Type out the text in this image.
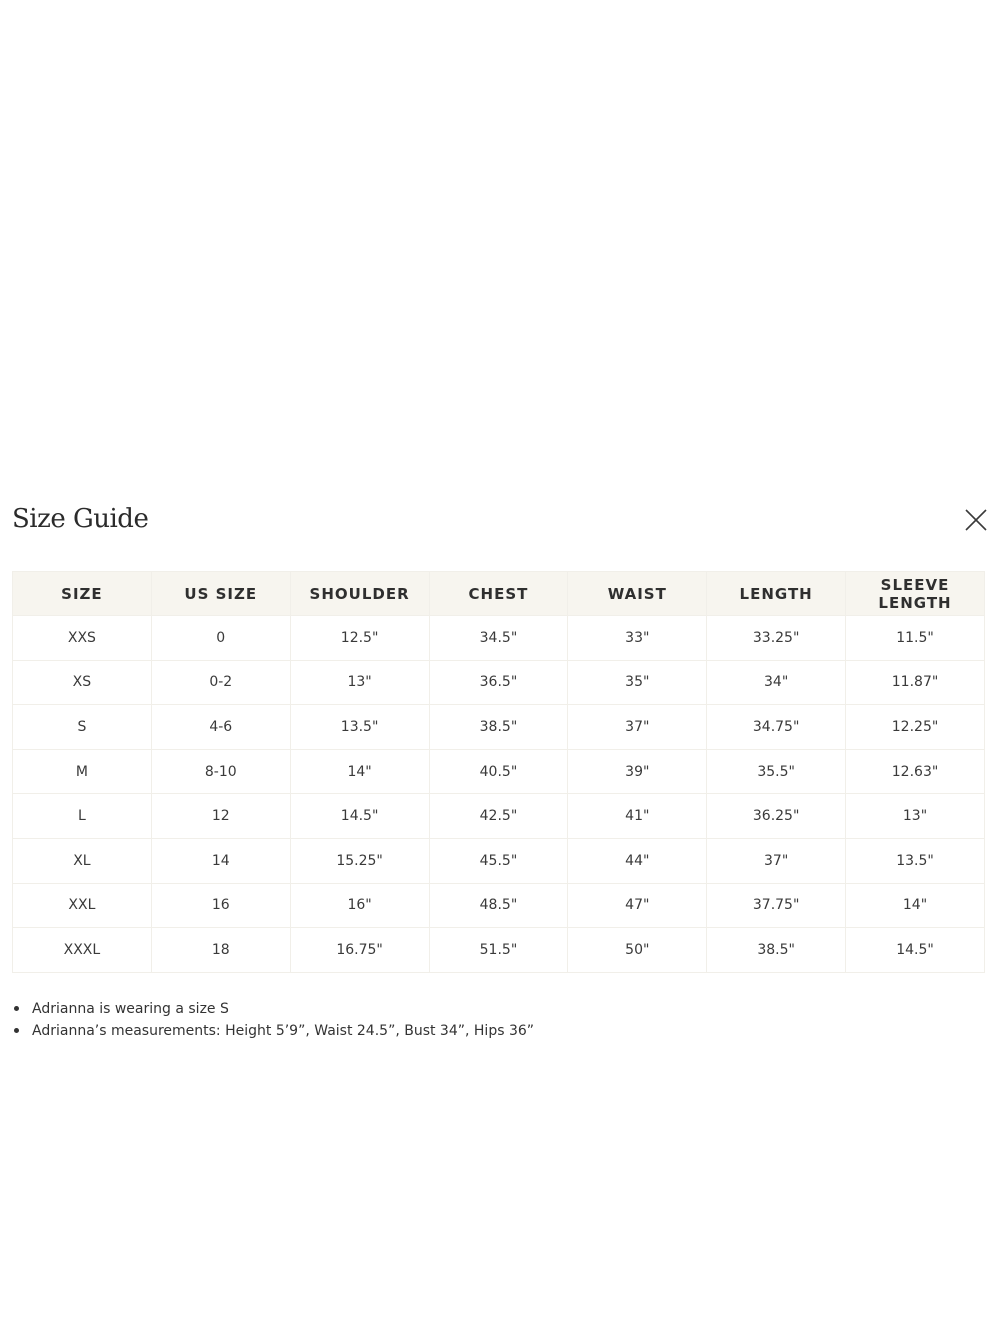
Size Guide
SIZE	US SIZE	SHOULDER	CHEST	WAIST	LENGTH	SLEEVE LENGTH
XXS	0	12.5"	34.5"	33"	33.25"	11.5"
XS	0-2	13"	36.5"	35"	34"	11.87"
S	4-6	13.5"	38.5"	37"	34.75"	12.25"
M	8-10	14"	40.5"	39"	35.5"	12.63"
L	12	14.5"	42.5"	41"	36.25"	13"
XL	14	15.25"	45.5"	44"	37"	13.5"
XXL	16	16"	48.5"	47"	37.75"	14"
XXXL	18	16.75"	51.5"	50"	38.5"	14.5"
Adrianna is wearing a size S
Adrianna’s measurements: Height 5’9”, Waist 24.5”, Bust 34”, Hips 36”
